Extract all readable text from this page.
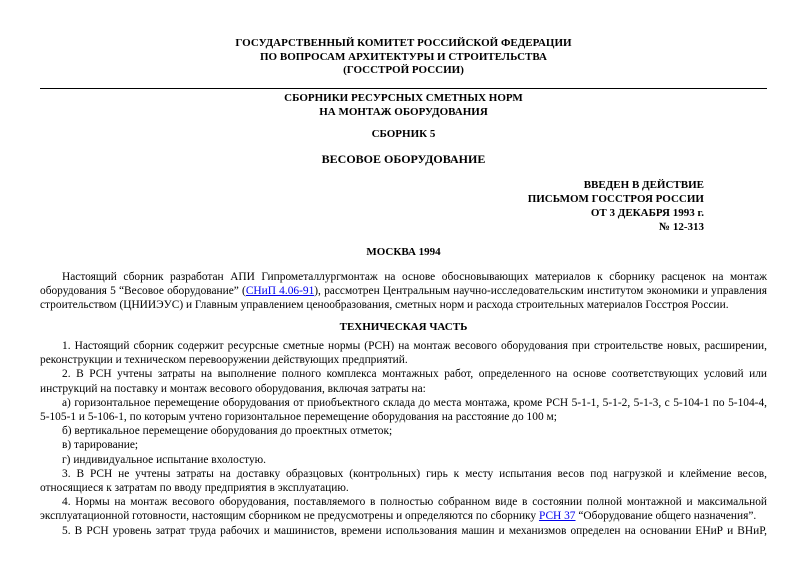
ГОСУДАРСТВЕННЫЙ КОМИТЕТ РОССИЙСКОЙ ФЕДЕРАЦИИ

ПО ВОПРОСАМ АРХИТЕКТУРЫ И СТРОИТЕЛЬСТВА

(ГОССТРОЙ РОССИИ)

СБОРНИКИ РЕСУРСНЫХ СМЕТНЫХ НОРМ

НА МОНТАЖ ОБОРУДОВАНИЯ

СБОРНИК 5

ВЕСОВОЕ ОБОРУДОВАНИЕ

ВВЕДЕН В ДЕЙСТВИЕ

ПИСЬМОМ ГОССТРОЯ РОССИИ

ОТ 3 ДЕКАБРЯ 1993 г.

№ 12-313

МОСКВА 1994

Настоящий сборник разработан АПИ Гипрометаллургмонтаж на основе обосновывающих материалов к сборнику расценок на монтаж оборудования 5 “Весовое оборудование” (СНиП 4.06-91), рассмотрен Центральным научно-исследовательским институтом экономики и управления строительством (ЦНИИЭУС) и Главным управлением ценообразования, сметных норм и расхода строительных материалов Госстроя России.

ТЕХНИЧЕСКАЯ ЧАСТЬ

1. Настоящий сборник содержит ресурсные сметные нормы (РСН) на монтаж весового оборудования при строительстве новых, расширении, реконструкции и техническом перевооружении действующих предприятий.

2. В РСН учтены затраты на выполнение полного комплекса монтажных работ, определенного на основе соответствующих условий или инструкций на поставку и монтаж весового оборудования, включая затраты на:

а) горизонтальное перемещение оборудования от приобъектного склада до места монтажа, кроме РСН 5-1-1, 5-1-2, 5-1-3, с 5-104-1 по 5-104-4, 5-105-1 и 5-106-1, по которым учтено горизонтальное перемещение оборудования на расстояние до 100 м;

б) вертикальное перемещение оборудования до проектных отметок;

в) тарирование;

г) индивидуальное испытание вхолостую.

3. В РСН не учтены затраты на доставку образцовых (контрольных) гирь к месту испытания весов под нагрузкой и клеймение весов, относящиеся к затратам по вводу предприятия в эксплуатацию.

4. Нормы на монтаж весового оборудования, поставляемого в полностью собранном виде в состоянии полной монтажной и максимальной эксплуатационной готовности, настоящим сборником не предусмотрены и определяются по сборнику РСН 37 “Оборудование общего назначения”.

5. В РСН уровень затрат труда рабочих и машинистов, времени использования машин и механизмов определен на основании ЕНиР и ВНиР,
